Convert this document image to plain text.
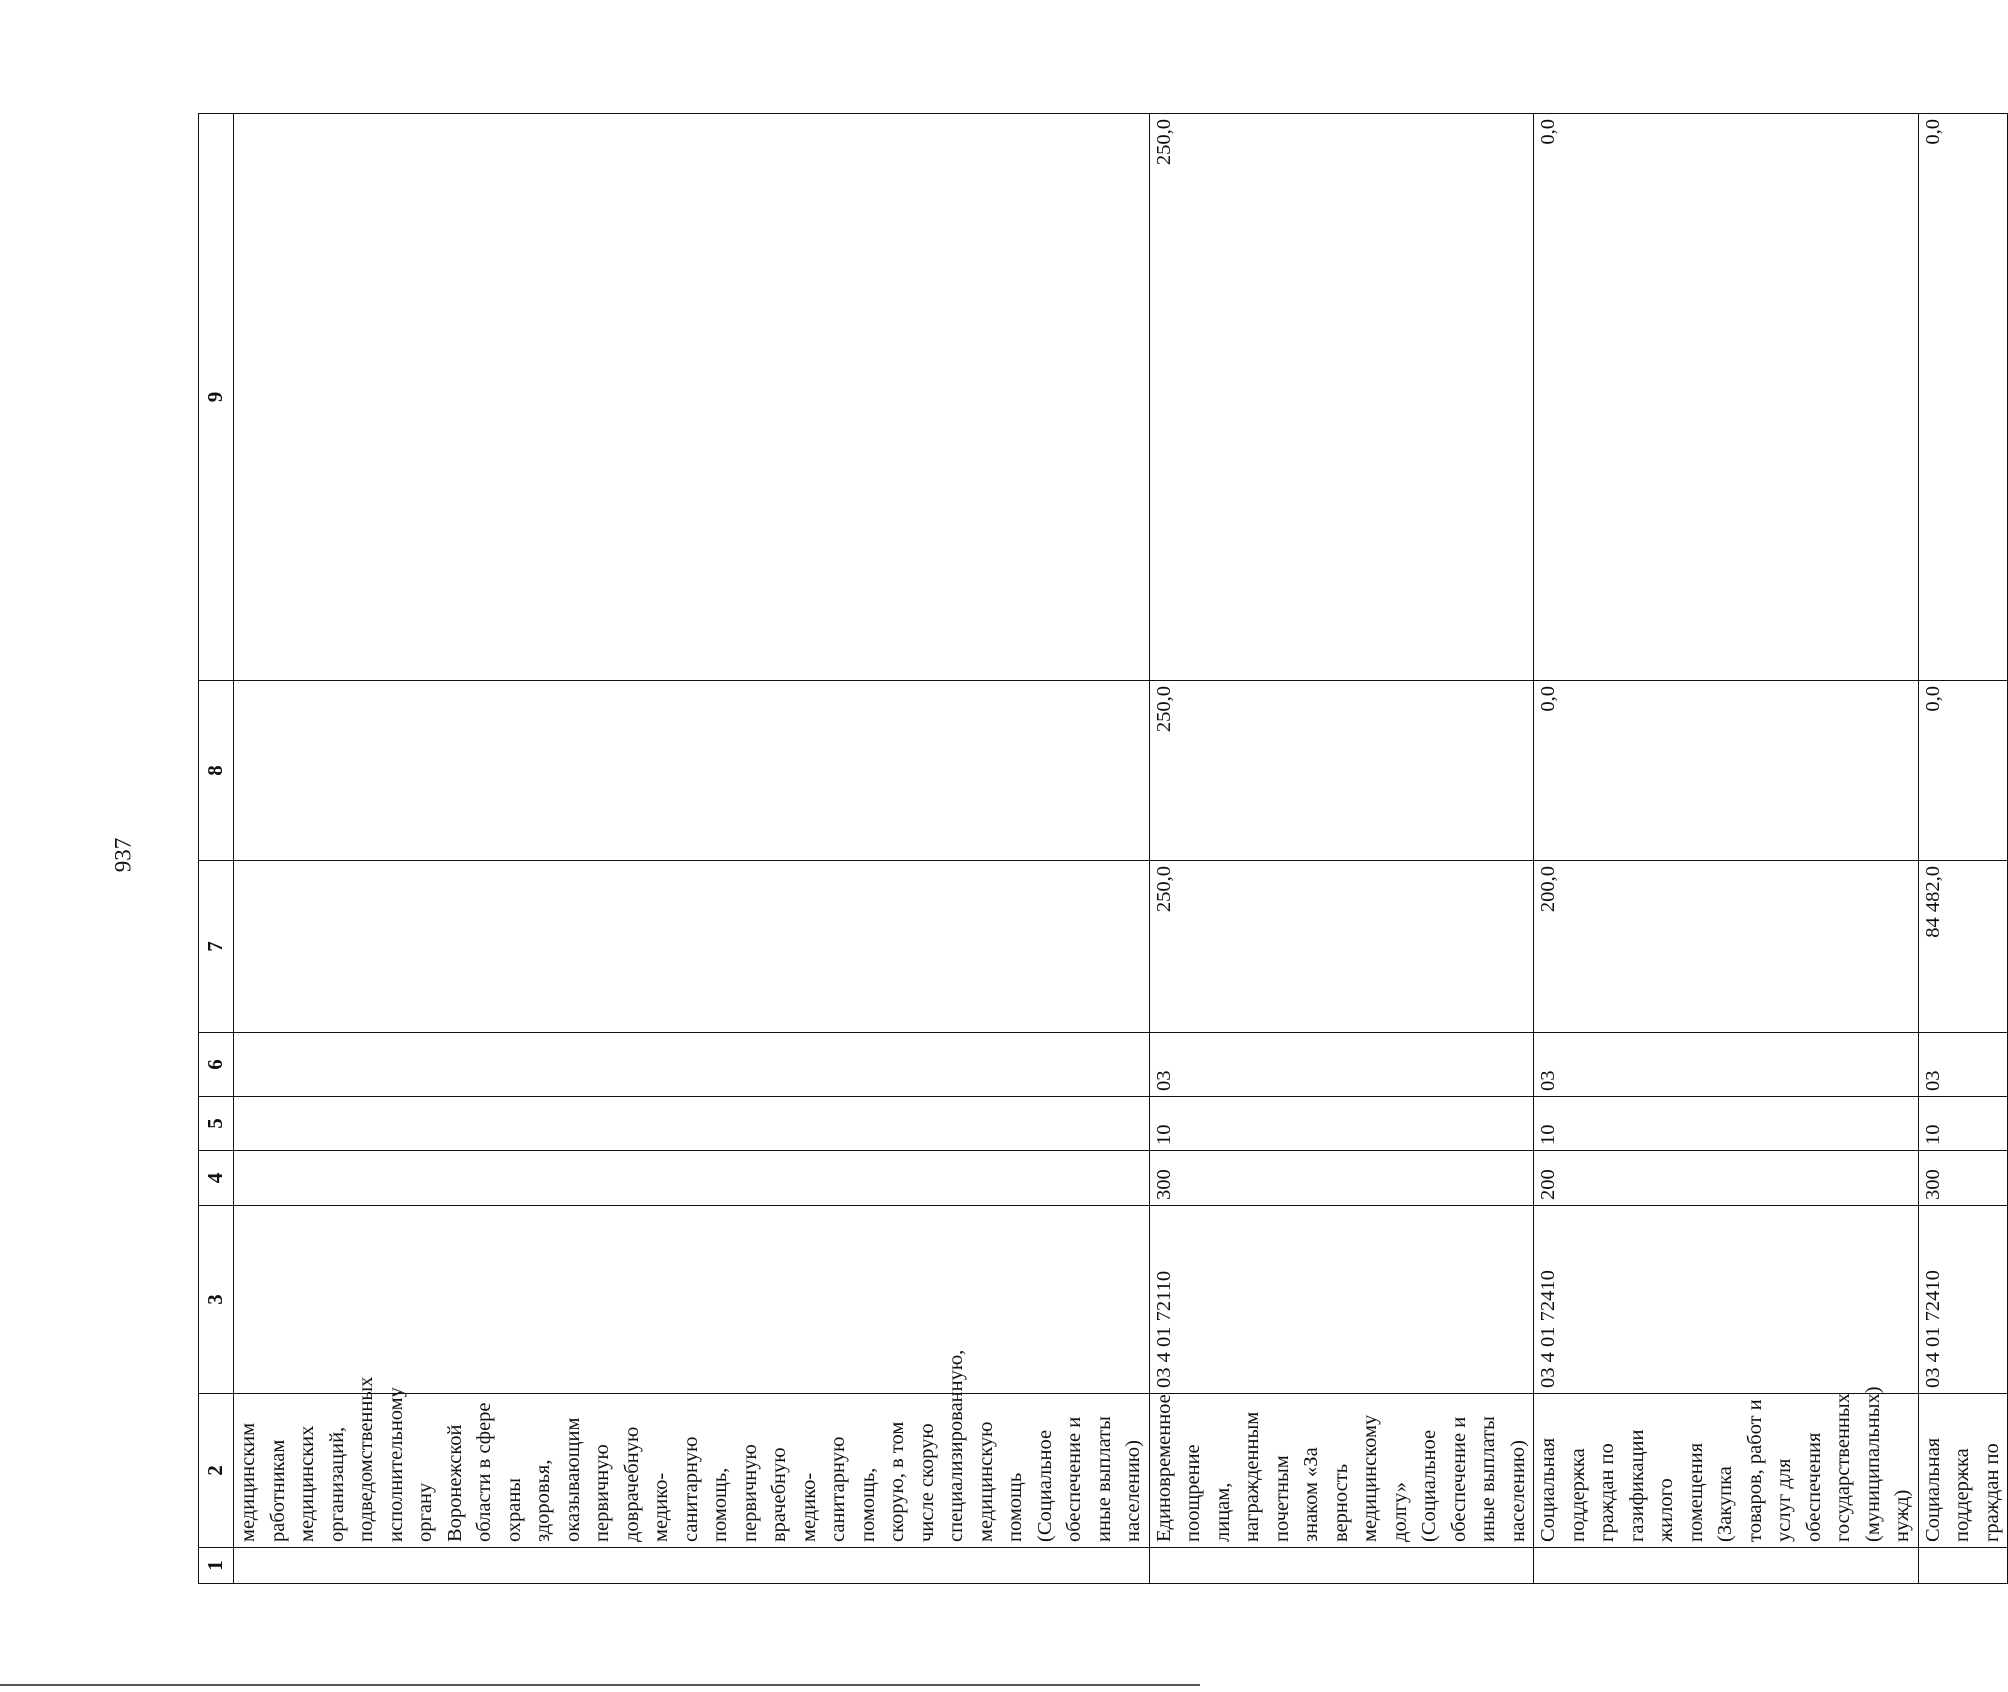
937
1	2	3	4	5	6	7	8	9
	медицинским работникам медицинских организаций, подведомственных исполнительному органу Воронежской области в сфере охраны здоровья, оказывающим первичную доврачебную медико-санитарную помощь, первичную врачебную медико-санитарную помощь, скорую, в том числе скорую специализированную, медицинскую помощь (Социальное обеспечение и иные выплаты населению)							
	Единовременное поощрение лицам, награжденным почетным знаком «За верность медицинскому долгу» (Социальное обеспечение и иные выплаты населению)	03 4 01 72110	300	10	03	250,0	250,0	250,0
	Социальная поддержка граждан по газификации жилого помещения (Закупка товаров, работ и услуг для обеспечения государственных (муниципальных) нужд)	03 4 01 72410	200	10	03	200,0	0,0	0,0
	Социальная поддержка граждан по	03 4 01 72410	300	10	03	84 482,0	0,0	0,0
